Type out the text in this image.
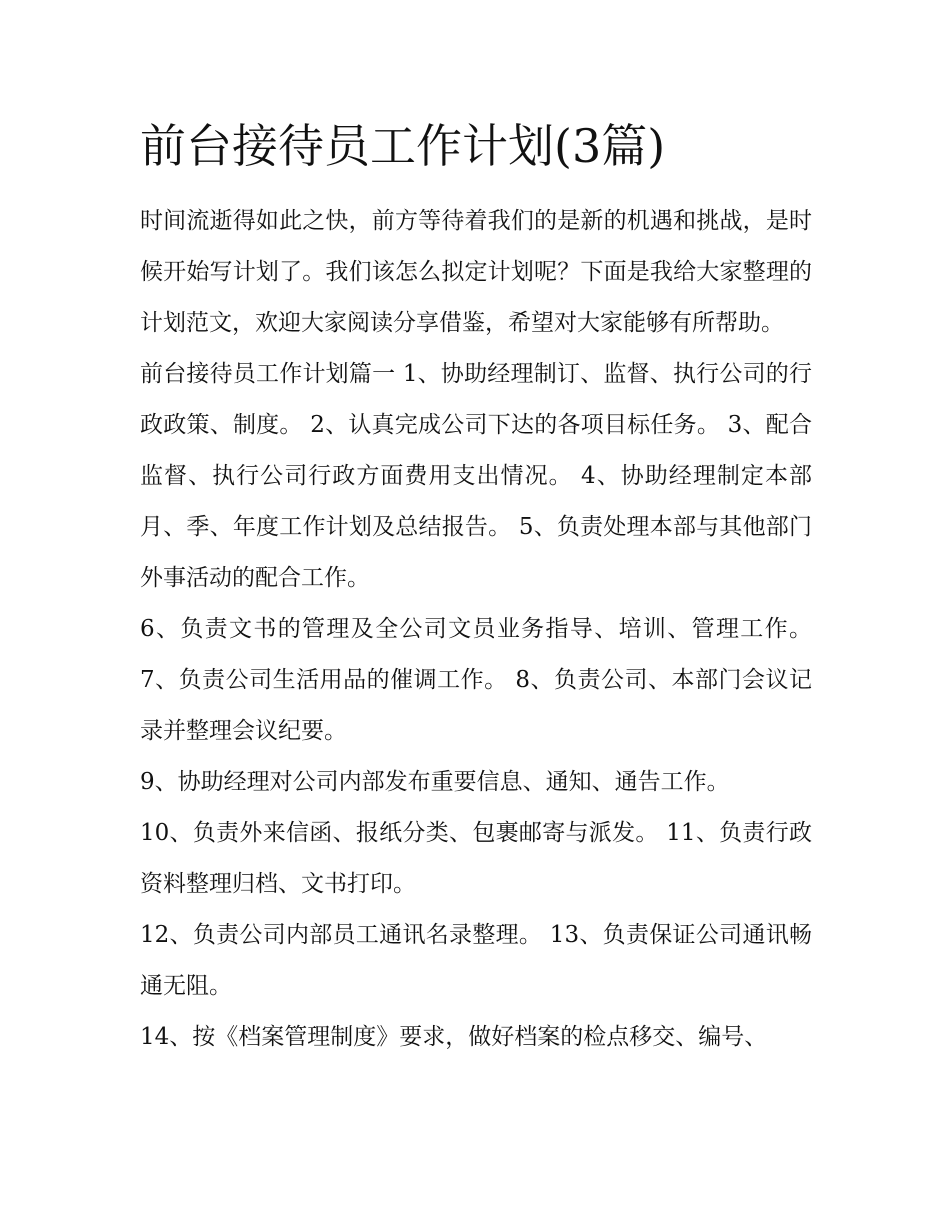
前台接待员工作计划(3篇)

时间流逝得如此之快，前方等待着我们的是新的机遇和挑战，是时候开始写计划了。我们该怎么拟定计划呢？下面是我给大家整理的计划范文，欢迎大家阅读分享借鉴，希望对大家能够有所帮助。

前台接待员工作计划篇一 1、协助经理制订、监督、执行公司的行政政策、制度。 2、认真完成公司下达的各项目标任务。 3、配合监督、执行公司行政方面费用支出情况。 4、协助经理制定本部月、季、年度工作计划及总结报告。 5、负责处理本部与其他部门外事活动的配合工作。

6、负责文书的管理及全公司文员业务指导、培训、管理工作。 7、负责公司生活用品的催调工作。 8、负责公司、本部门会议记录并整理会议纪要。

9、协助经理对公司内部发布重要信息、通知、通告工作。

10、负责外来信函、报纸分类、包裹邮寄与派发。 11、负责行政资料整理归档、文书打印。

12、负责公司内部员工通讯名录整理。 13、负责保证公司通讯畅通无阻。

14、按《档案管理制度》要求，做好档案的检点移交、编号、
